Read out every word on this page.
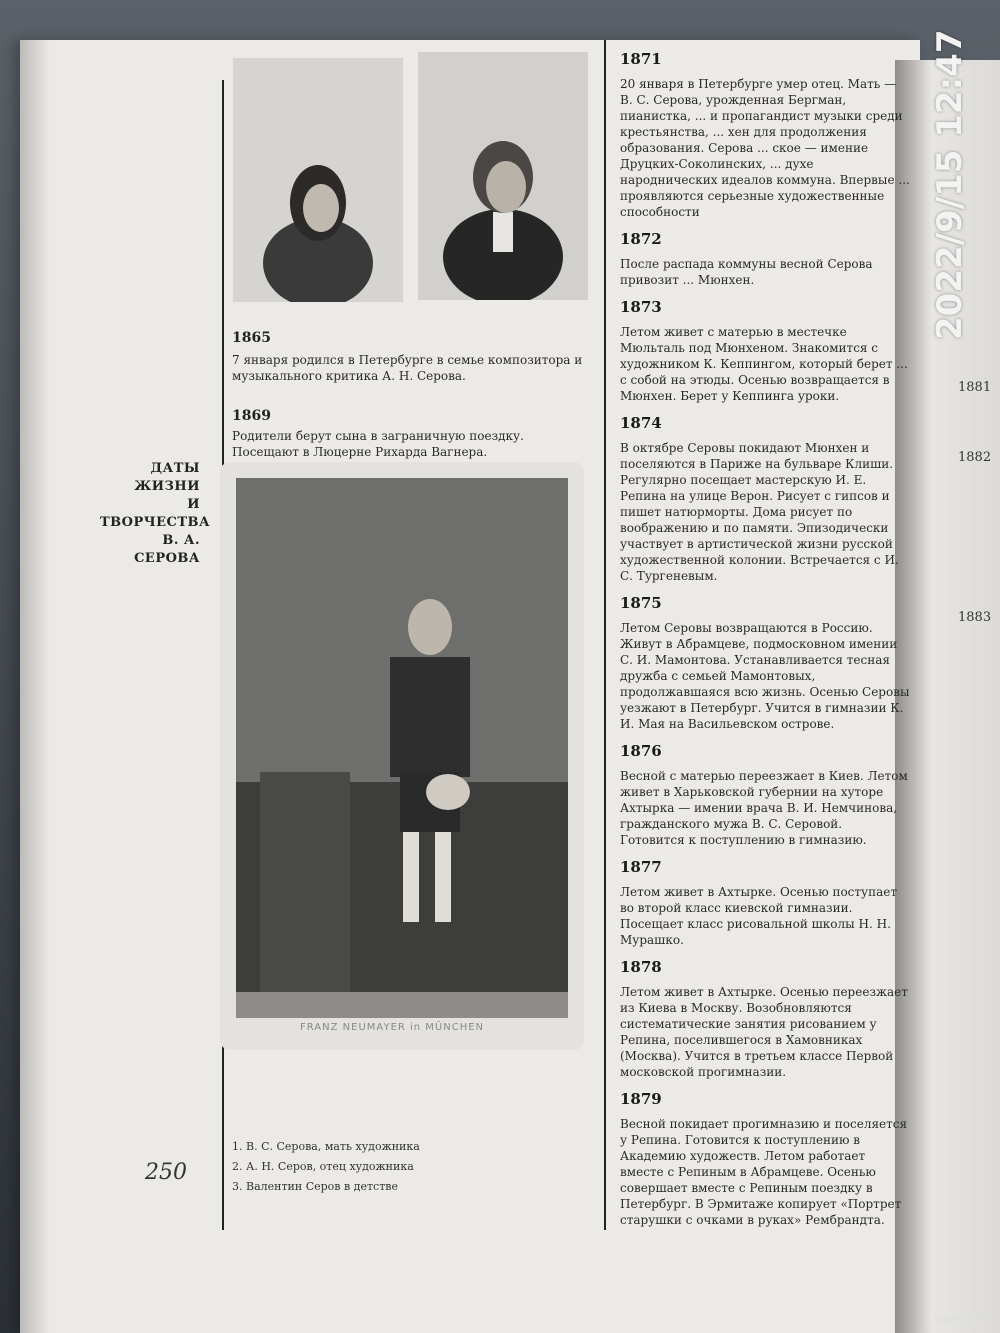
1881
1882
1883
2022/9/15 12:47
ДАТЫ ЖИЗНИ
И ТВОРЧЕСТВА
В. А. СЕРОВА
250
1865
7 января родился в Петербурге в семье композитора и музыкального критика А. Н. Серова.
1869
Родители берут сына в заграничную поездку. Посещают в Люцерне Рихарда Вагнера.
FRANZ NEUMAYER in MÜNCHEN
1. В. С. Серова, мать художника
2. А. Н. Серов, отец художника
3. Валентин Серов в детстве
1871
20 января в Петербурге умер отец. Мать — В. С. Серова, урожденная Бергман, пианистка, ... и пропагандист музыки среди крестьянства, ... хен для продолжения образования. Серова ... ское — имение Друцких-Соколинских, ... духе народнических идеалов коммуна. Впервые ... проявляются серьезные художественные способности
1872
После распада коммуны весной Серова привозит ... Мюнхен.
1873
Летом живет с матерью в местечке Мюльталь под Мюнхеном. Знакомится с художником К. Кеппингом, который берет ... с собой на этюды. Осенью возвращается в Мюнхен. Берет у Кеппинга уроки.
1874
В октябре Серовы покидают Мюнхен и поселяются в Париже на бульваре Клиши. Регулярно посещает мастерскую И. Е. Репина на улице Верон. Рисует с гипсов и пишет натюрморты. Дома рисует по воображению и по памяти. Эпизодически участвует в артистической жизни русской художественной колонии. Встречается с И. С. Тургеневым.
1875
Летом Серовы возвращаются в Россию. Живут в Абрамцеве, подмосковном имении С. И. Мамонтова. Устанавливается тесная дружба с семьей Мамонтовых, продолжавшаяся всю жизнь. Осенью Серовы уезжают в Петербург. Учится в гимназии К. И. Мая на Васильевском острове.
1876
Весной с матерью переезжает в Киев. Летом живет в Харьковской губернии на хуторе Ахтырка — имении врача В. И. Немчинова, гражданского мужа В. С. Серовой. Готовится к поступлению в гимназию.
1877
Летом живет в Ахтырке. Осенью поступает во второй класс киевской гимназии. Посещает класс рисовальной школы Н. Н. Мурашко.
1878
Летом живет в Ахтырке. Осенью переезжает из Киева в Москву. Возобновляются систематические занятия рисованием у Репина, поселившегося в Хамовниках (Москва). Учится в третьем классе Первой московской прогимназии.
1879
Весной покидает прогимназию и поселяется у Репина. Готовится к поступлению в Академию художеств. Летом работает вместе с Репиным в Абрамцеве. Осенью совершает вместе с Репиным поездку в Петербург. В Эрмитаже копирует «Портрет старушки с очками в руках» Рембрандта.
www.ay.by
